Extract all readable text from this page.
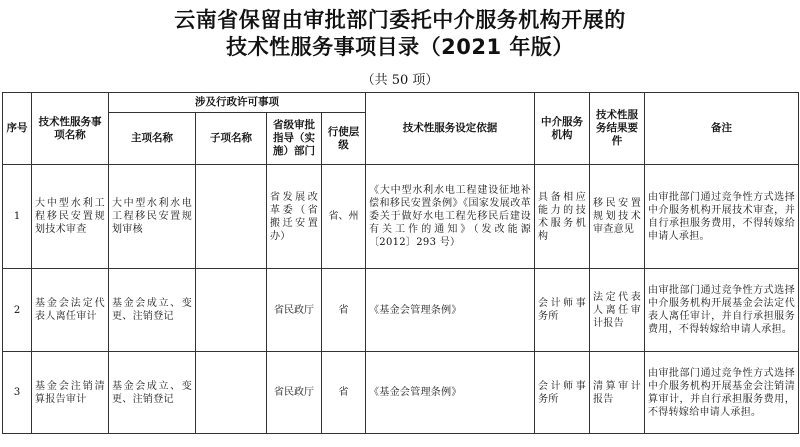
云南省保留由审批部门委托中介服务机构开展的
技术性服务事项目录（2021 年版）
（共 50 项）
序号	技术性服务事项名称	涉及行政许可事项				技术性服务设定依据	中介服务机构	技术性服务结果要件	备注
		主项名称	子项名称	省级审批指导（实施）部门	行使层级				
1	大中型水利工程移民安置规划技术审查	大中型水利水电工程移民安置规划审核		省发展改革委（省搬迁安置办）	省、州	《大中型水利水电工程建设征地补偿和移民安置条例》《国家发展改革委关于做好水电工程先移民后建设有关工作的通知》（发改能源〔2012〕293 号）	具备相应能力的技术服务机构	移民安置规划技术审查意见	由审批部门通过竞争性方式选择中介服务机构开展技术审查，并自行承担服务费用，不得转嫁给申请人承担。
2	基金会法定代表人离任审计	基金会成立、变更、注销登记		省民政厅	省	《基金会管理条例》	会计师事务所	法定代表人离任审计报告	由审批部门通过竞争性方式选择中介服务机构开展基金会法定代表人离任审计，并自行承担服务费用，不得转嫁给申请人承担。
3	基金会注销清算报告审计	基金会成立、变更、注销登记		省民政厅	省	《基金会管理条例》	会计师事务所	清算审计报告	由审批部门通过竞争性方式选择中介服务机构开展基金会注销清算审计，并自行承担服务费用，不得转嫁给申请人承担。
